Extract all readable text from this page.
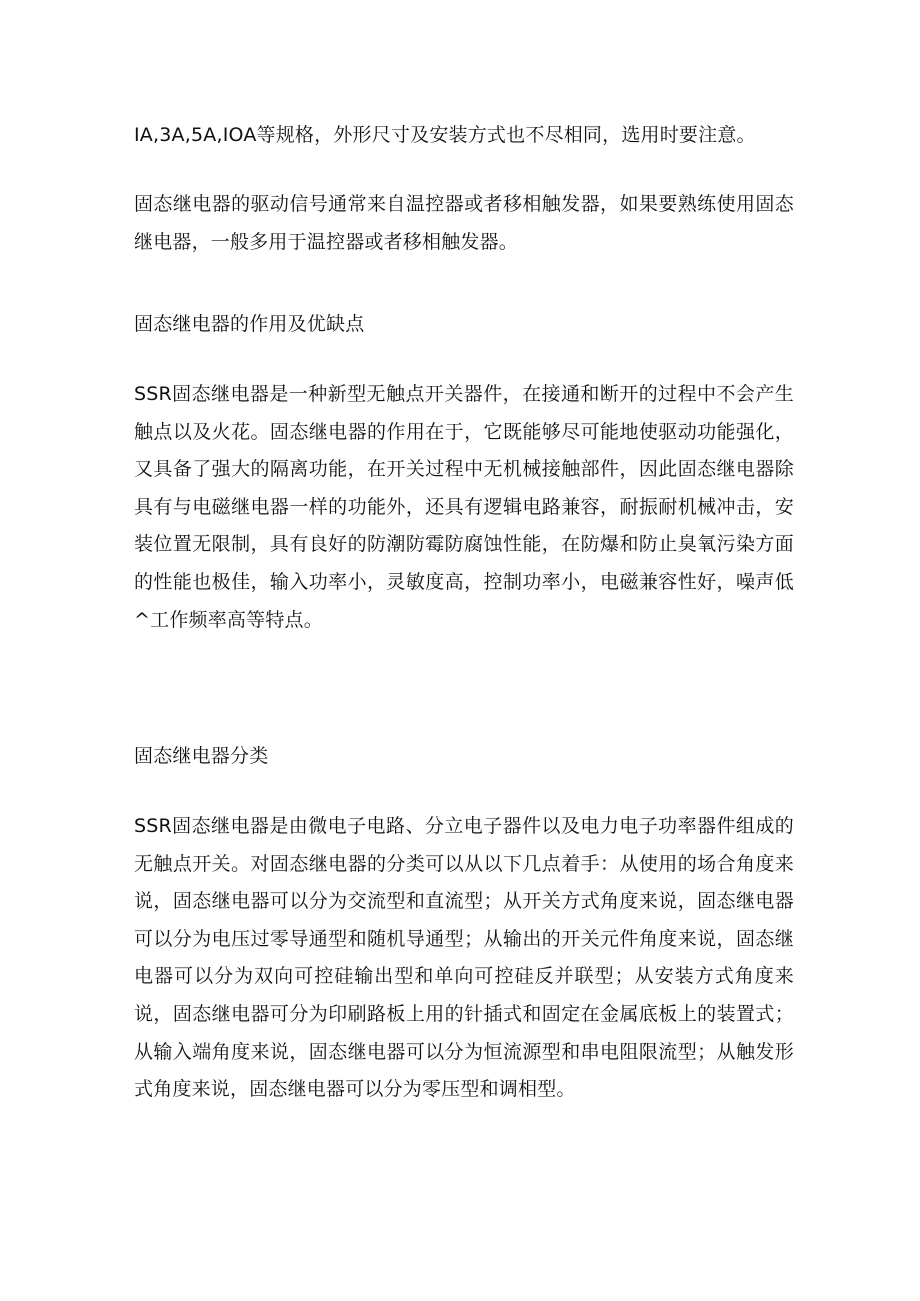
IA,3A,5A,IOA等规格，外形尺寸及安装方式也不尽相同，选用时要注意。

固态继电器的驱动信号通常来自温控器或者移相触发器，如果要熟练使用固态继电器，一般多用于温控器或者移相触发器。

固态继电器的作用及优缺点

SSR固态继电器是一种新型无触点开关器件，在接通和断开的过程中不会产生触点以及火花。固态继电器的作用在于，它既能够尽可能地使驱动功能强化，又具备了强大的隔离功能，在开关过程中无机械接触部件，因此固态继电器除具有与电磁继电器一样的功能外，还具有逻辑电路兼容，耐振耐机械冲击，安装位置无限制，具有良好的防潮防霉防腐蚀性能，在防爆和防止臭氧污染方面的性能也极佳，输入功率小，灵敏度高，控制功率小，电磁兼容性好，噪声低^工作频率高等特点。

固态继电器分类

SSR固态继电器是由微电子电路、分立电子器件以及电力电子功率器件组成的无触点开关。对固态继电器的分类可以从以下几点着手：从使用的场合角度来说，固态继电器可以分为交流型和直流型；从开关方式角度来说，固态继电器可以分为电压过零导通型和随机导通型；从输出的开关元件角度来说，固态继电器可以分为双向可控硅输出型和单向可控硅反并联型；从安装方式角度来说，固态继电器可分为印刷路板上用的针插式和固定在金属底板上的装置式；从输入端角度来说，固态继电器可以分为恒流源型和串电阻限流型；从触发形式角度来说，固态继电器可以分为零压型和调相型。
